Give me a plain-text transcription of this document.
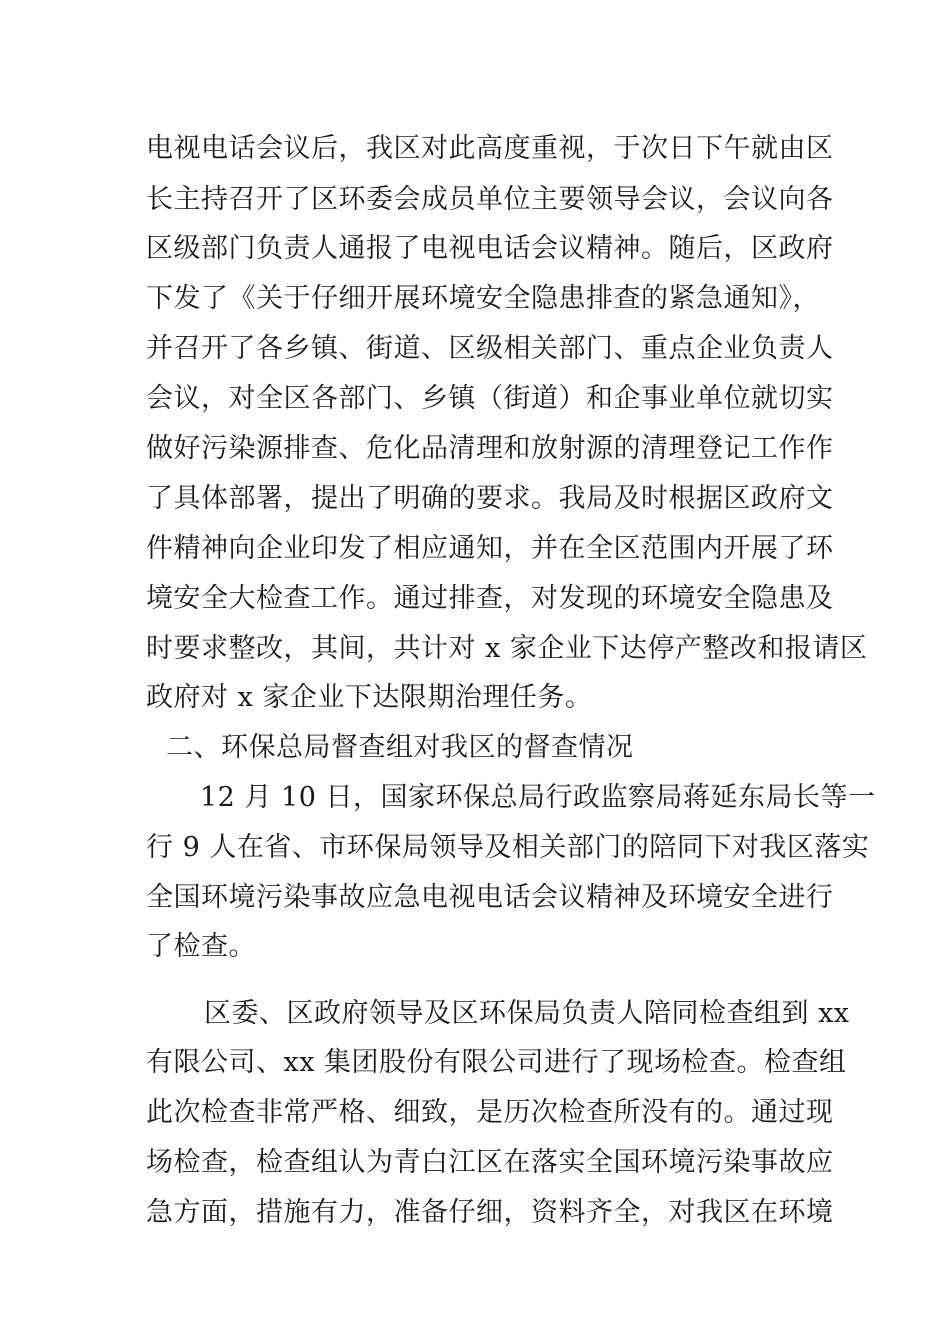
电视电话会议后，我区对此高度重视，于次日下午就由区
长主持召开了区环委会成员单位主要领导会议，会议向各
区级部门负责人通报了电视电话会议精神。随后，区政府
下发了《关于仔细开展环境安全隐患排查的紧急通知》，
并召开了各乡镇、街道、区级相关部门、重点企业负责人
会议，对全区各部门、乡镇（街道）和企事业单位就切实
做好污染源排查、危化品清理和放射源的清理登记工作作
了具体部署，提出了明确的要求。我局及时根据区政府文
件精神向企业印发了相应通知，并在全区范围内开展了环
境安全大检查工作。通过排查，对发现的环境安全隐患及
时要求整改，其间，共计对 x 家企业下达停产整改和报请区
政府对 x 家企业下达限期治理任务。
二、环保总局督查组对我区的督查情况
12 月 10 日，国家环保总局行政监察局蒋延东局长等一
行 9 人在省、市环保局领导及相关部门的陪同下对我区落实
全国环境污染事故应急电视电话会议精神及环境安全进行
了检查。
区委、区政府领导及区环保局负责人陪同检查组到 xx
有限公司、xx 集团股份有限公司进行了现场检查。检查组
此次检查非常严格、细致，是历次检查所没有的。通过现
场检查，检查组认为青白江区在落实全国环境污染事故应
急方面，措施有力，准备仔细，资料齐全，对我区在环境
